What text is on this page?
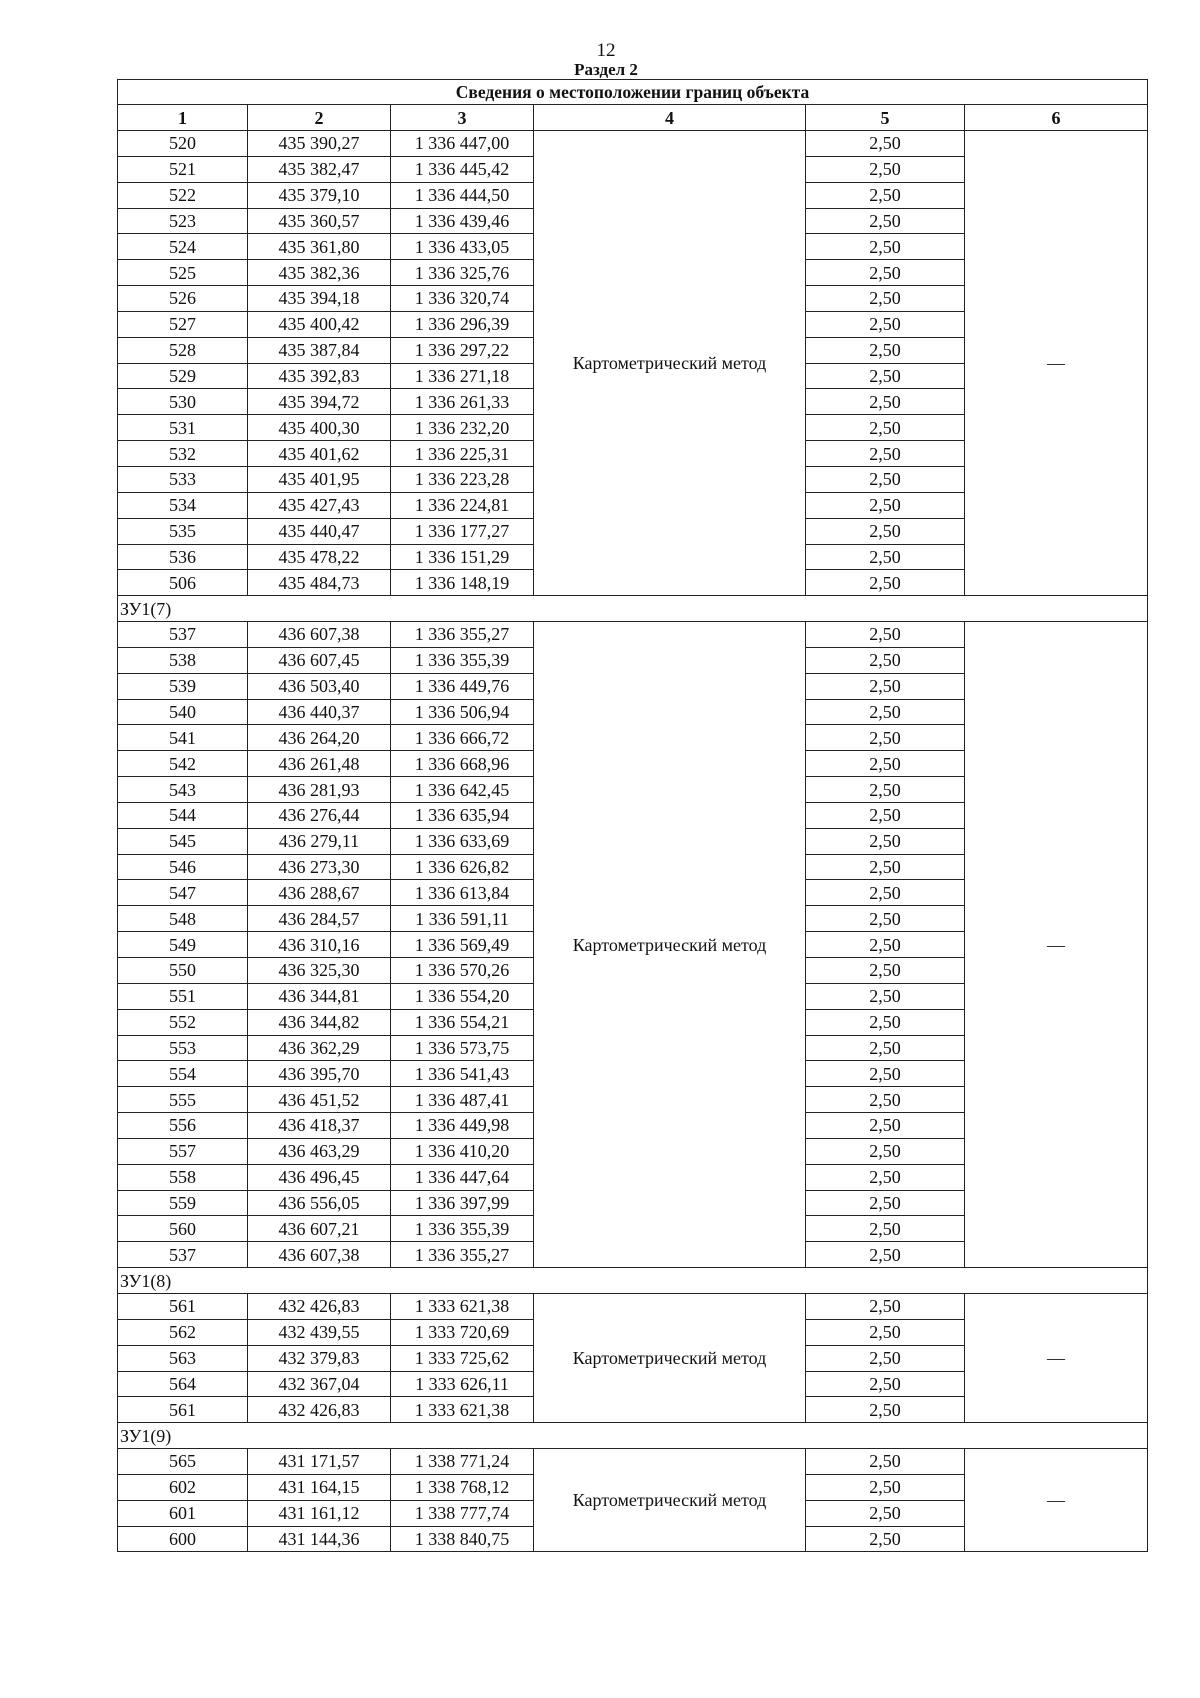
12
Раздел 2
Сведения о местоположении границ объекта					
1	2	3	4	5	6
520	435 390,27	1 336 447,00	Картометрический метод	2,50	—
521	435 382,47	1 336 445,42		2,50	
522	435 379,10	1 336 444,50		2,50	
523	435 360,57	1 336 439,46		2,50	
524	435 361,80	1 336 433,05		2,50	
525	435 382,36	1 336 325,76		2,50	
526	435 394,18	1 336 320,74		2,50	
527	435 400,42	1 336 296,39		2,50	
528	435 387,84	1 336 297,22		2,50	
529	435 392,83	1 336 271,18		2,50	
530	435 394,72	1 336 261,33		2,50	
531	435 400,30	1 336 232,20		2,50	
532	435 401,62	1 336 225,31		2,50	
533	435 401,95	1 336 223,28		2,50	
534	435 427,43	1 336 224,81		2,50	
535	435 440,47	1 336 177,27		2,50	
536	435 478,22	1 336 151,29		2,50	
506	435 484,73	1 336 148,19		2,50	
ЗУ1(7)					
537	436 607,38	1 336 355,27	Картометрический метод	2,50	—
538	436 607,45	1 336 355,39		2,50	
539	436 503,40	1 336 449,76		2,50	
540	436 440,37	1 336 506,94		2,50	
541	436 264,20	1 336 666,72		2,50	
542	436 261,48	1 336 668,96		2,50	
543	436 281,93	1 336 642,45		2,50	
544	436 276,44	1 336 635,94		2,50	
545	436 279,11	1 336 633,69		2,50	
546	436 273,30	1 336 626,82		2,50	
547	436 288,67	1 336 613,84		2,50	
548	436 284,57	1 336 591,11		2,50	
549	436 310,16	1 336 569,49		2,50	
550	436 325,30	1 336 570,26		2,50	
551	436 344,81	1 336 554,20		2,50	
552	436 344,82	1 336 554,21		2,50	
553	436 362,29	1 336 573,75		2,50	
554	436 395,70	1 336 541,43		2,50	
555	436 451,52	1 336 487,41		2,50	
556	436 418,37	1 336 449,98		2,50	
557	436 463,29	1 336 410,20		2,50	
558	436 496,45	1 336 447,64		2,50	
559	436 556,05	1 336 397,99		2,50	
560	436 607,21	1 336 355,39		2,50	
537	436 607,38	1 336 355,27		2,50	
ЗУ1(8)					
561	432 426,83	1 333 621,38	Картометрический метод	2,50	—
562	432 439,55	1 333 720,69		2,50	
563	432 379,83	1 333 725,62		2,50	
564	432 367,04	1 333 626,11		2,50	
561	432 426,83	1 333 621,38		2,50	
ЗУ1(9)					
565	431 171,57	1 338 771,24	Картометрический метод	2,50	—
602	431 164,15	1 338 768,12		2,50	
601	431 161,12	1 338 777,74		2,50	
600	431 144,36	1 338 840,75		2,50	
